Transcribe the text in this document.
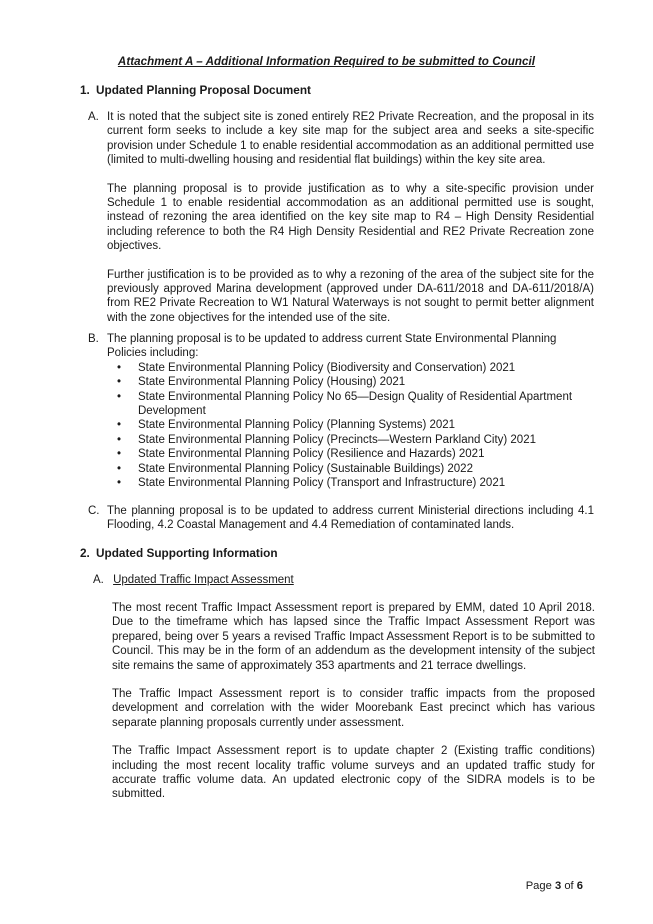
Attachment A – Additional Information Required to be submitted to Council
1. Updated Planning Proposal Document
A. It is noted that the subject site is zoned entirely RE2 Private Recreation, and the proposal in its current form seeks to include a key site map for the subject area and seeks a site-specific provision under Schedule 1 to enable residential accommodation as an additional permitted use (limited to multi-dwelling housing and residential flat buildings) within the key site area.

The planning proposal is to provide justification as to why a site-specific provision under Schedule 1 to enable residential accommodation as an additional permitted use is sought, instead of rezoning the area identified on the key site map to R4 – High Density Residential including reference to both the R4 High Density Residential and RE2 Private Recreation zone objectives.

Further justification is to be provided as to why a rezoning of the area of the subject site for the previously approved Marina development (approved under DA-611/2018 and DA-611/2018/A) from RE2 Private Recreation to W1 Natural Waterways is not sought to permit better alignment with the zone objectives for the intended use of the site.

B. The planning proposal is to be updated to address current State Environmental Planning Policies including:

• State Environmental Planning Policy (Biodiversity and Conservation) 2021
• State Environmental Planning Policy (Housing) 2021
• State Environmental Planning Policy No 65—Design Quality of Residential Apartment Development
• State Environmental Planning Policy (Planning Systems) 2021
• State Environmental Planning Policy (Precincts—Western Parkland City) 2021
• State Environmental Planning Policy (Resilience and Hazards) 2021
• State Environmental Planning Policy (Sustainable Buildings) 2022
• State Environmental Planning Policy (Transport and Infrastructure) 2021
C. The planning proposal is to be updated to address current Ministerial directions including 4.1 Flooding, 4.2 Coastal Management and 4.4 Remediation of contaminated lands.

2. Updated Supporting Information
A. Updated Traffic Impact Assessment

The most recent Traffic Impact Assessment report is prepared by EMM, dated 10 April 2018. Due to the timeframe which has lapsed since the Traffic Impact Assessment Report was prepared, being over 5 years a revised Traffic Impact Assessment Report is to be submitted to Council. This may be in the form of an addendum as the development intensity of the subject site remains the same of approximately 353 apartments and 21 terrace dwellings.

The Traffic Impact Assessment report is to consider traffic impacts from the proposed development and correlation with the wider Moorebank East precinct which has various separate planning proposals currently under assessment.

The Traffic Impact Assessment report is to update chapter 2 (Existing traffic conditions) including the most recent locality traffic volume surveys and an updated traffic study for accurate traffic volume data. An updated electronic copy of the SIDRA models is to be submitted.

Page 3 of 6
